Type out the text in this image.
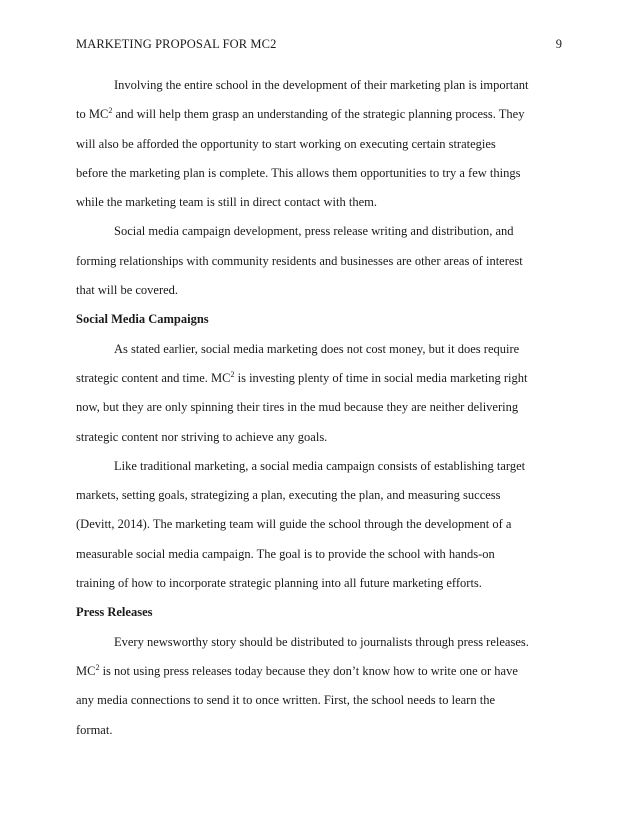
MARKETING PROPOSAL FOR MC2	9

Involving the entire school in the development of their marketing plan is important
to $MC^2$ and will help them grasp an understanding of the strategic planning process. They
will also be afforded the opportunity to start working on executing certain strategies
before the marketing plan is complete. This allows them opportunities to try a few things
while the marketing team is still in direct contact with them.

Social media campaign development, press release writing and distribution, and
forming relationships with community residents and businesses are other areas of interest
that will be covered.

Social Media Campaigns

As stated earlier, social media marketing does not cost money, but it does require
strategic content and time. $MC^2$ is investing plenty of time in social media marketing right
now, but they are only spinning their tires in the mud because they are neither delivering
strategic content nor striving to achieve any goals.

Like traditional marketing, a social media campaign consists of establishing target
markets, setting goals, strategizing a plan, executing the plan, and measuring success
(Devitt, 2014). The marketing team will guide the school through the development of a
measurable social media campaign. The goal is to provide the school with hands-on
training of how to incorporate strategic planning into all future marketing efforts.

Press Releases

Every newsworthy story should be distributed to journalists through press releases.
$MC^2$ is not using press releases today because they don’t know how to write one or have
any media connections to send it to once written. First, the school needs to learn the
format.
